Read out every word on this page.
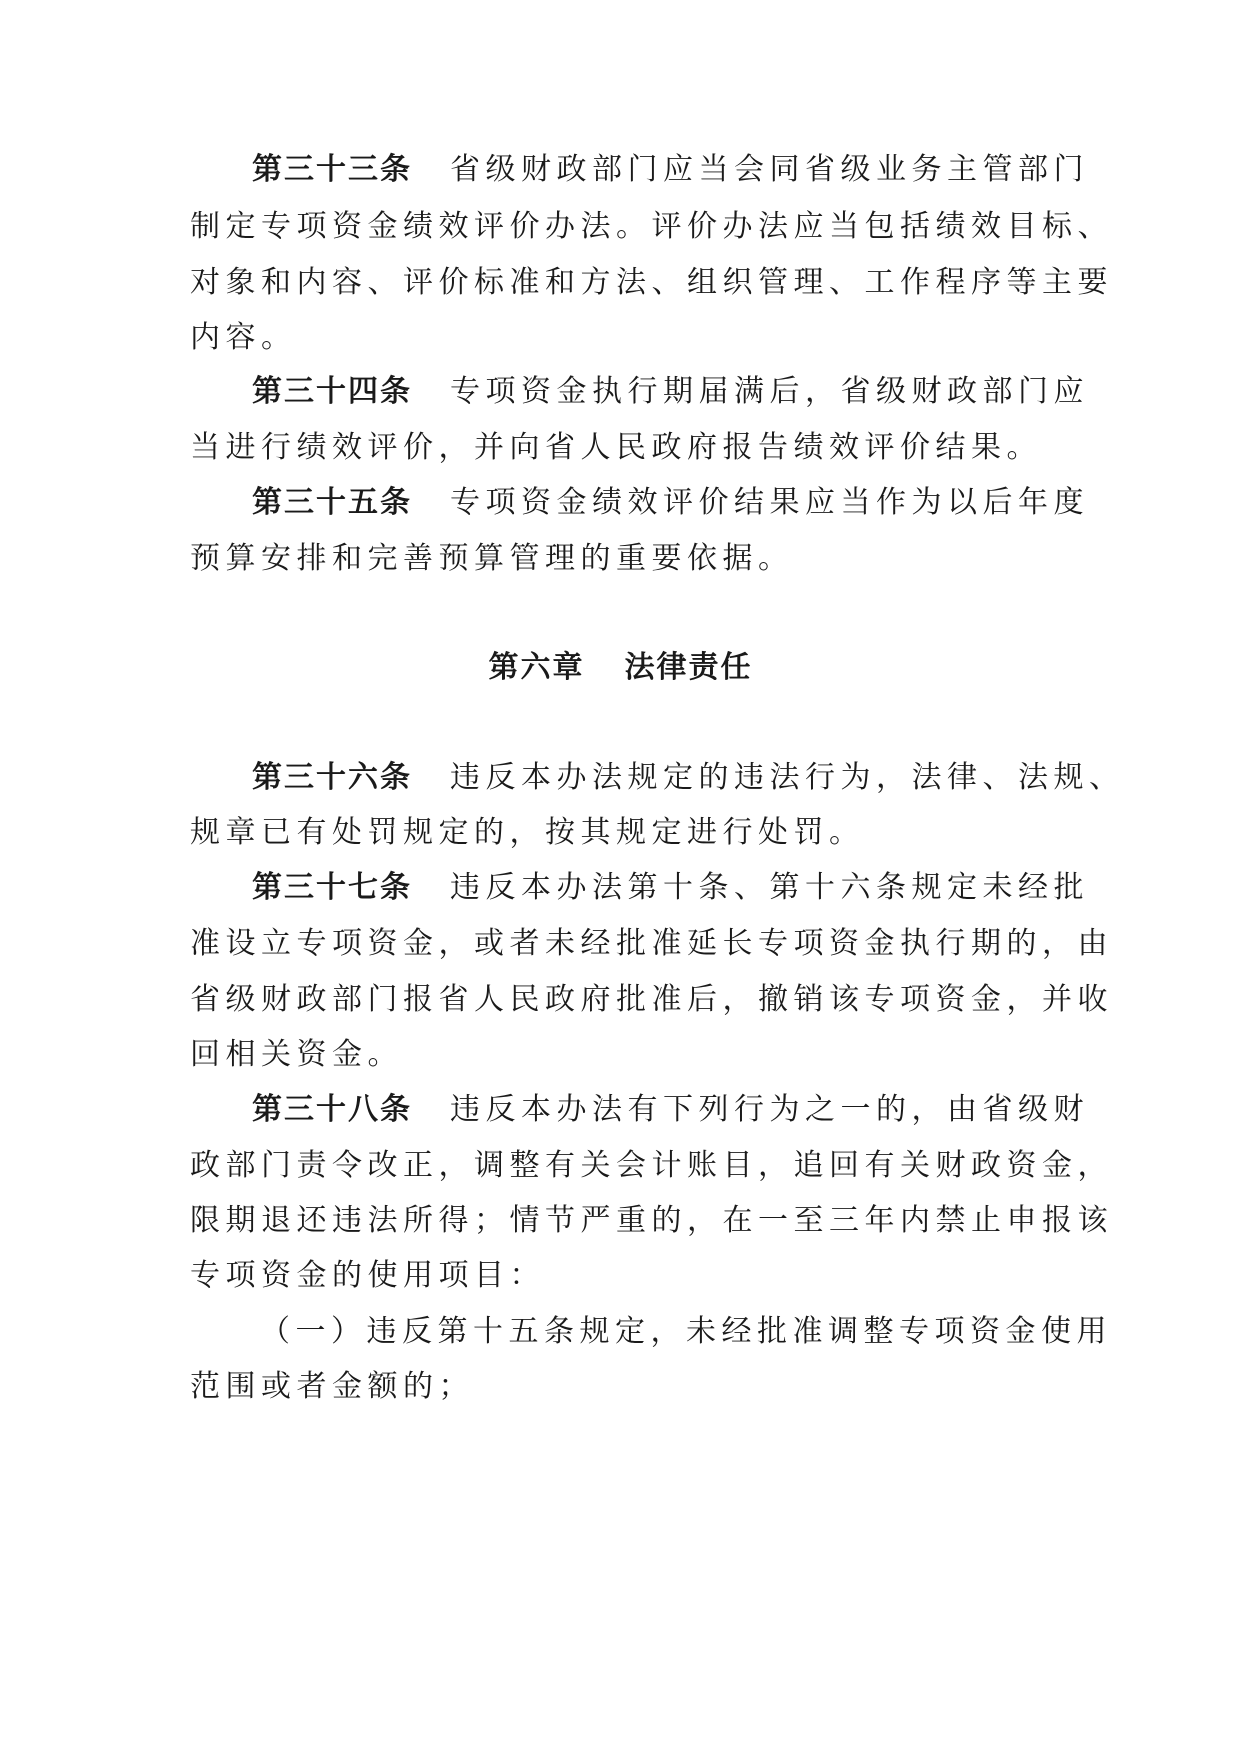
第三十三条 省级财政部门应当会同省级业务主管部门
制定专项资金绩效评价办法。评价办法应当包括绩效目标、
对象和内容、评价标准和方法、组织管理、工作程序等主要
内容。
第三十四条 专项资金执行期届满后，省级财政部门应
当进行绩效评价，并向省人民政府报告绩效评价结果。
第三十五条 专项资金绩效评价结果应当作为以后年度
预算安排和完善预算管理的重要依据。
第六章 法律责任
第三十六条 违反本办法规定的违法行为，法律、法规、
规章已有处罚规定的，按其规定进行处罚。
第三十七条 违反本办法第十条、第十六条规定未经批
准设立专项资金，或者未经批准延长专项资金执行期的，由
省级财政部门报省人民政府批准后，撤销该专项资金，并收
回相关资金。
第三十八条 违反本办法有下列行为之一的，由省级财
政部门责令改正，调整有关会计账目，追回有关财政资金，
限期退还违法所得；情节严重的，在一至三年内禁止申报该
专项资金的使用项目：
（一）违反第十五条规定，未经批准调整专项资金使用
范围或者金额的；
